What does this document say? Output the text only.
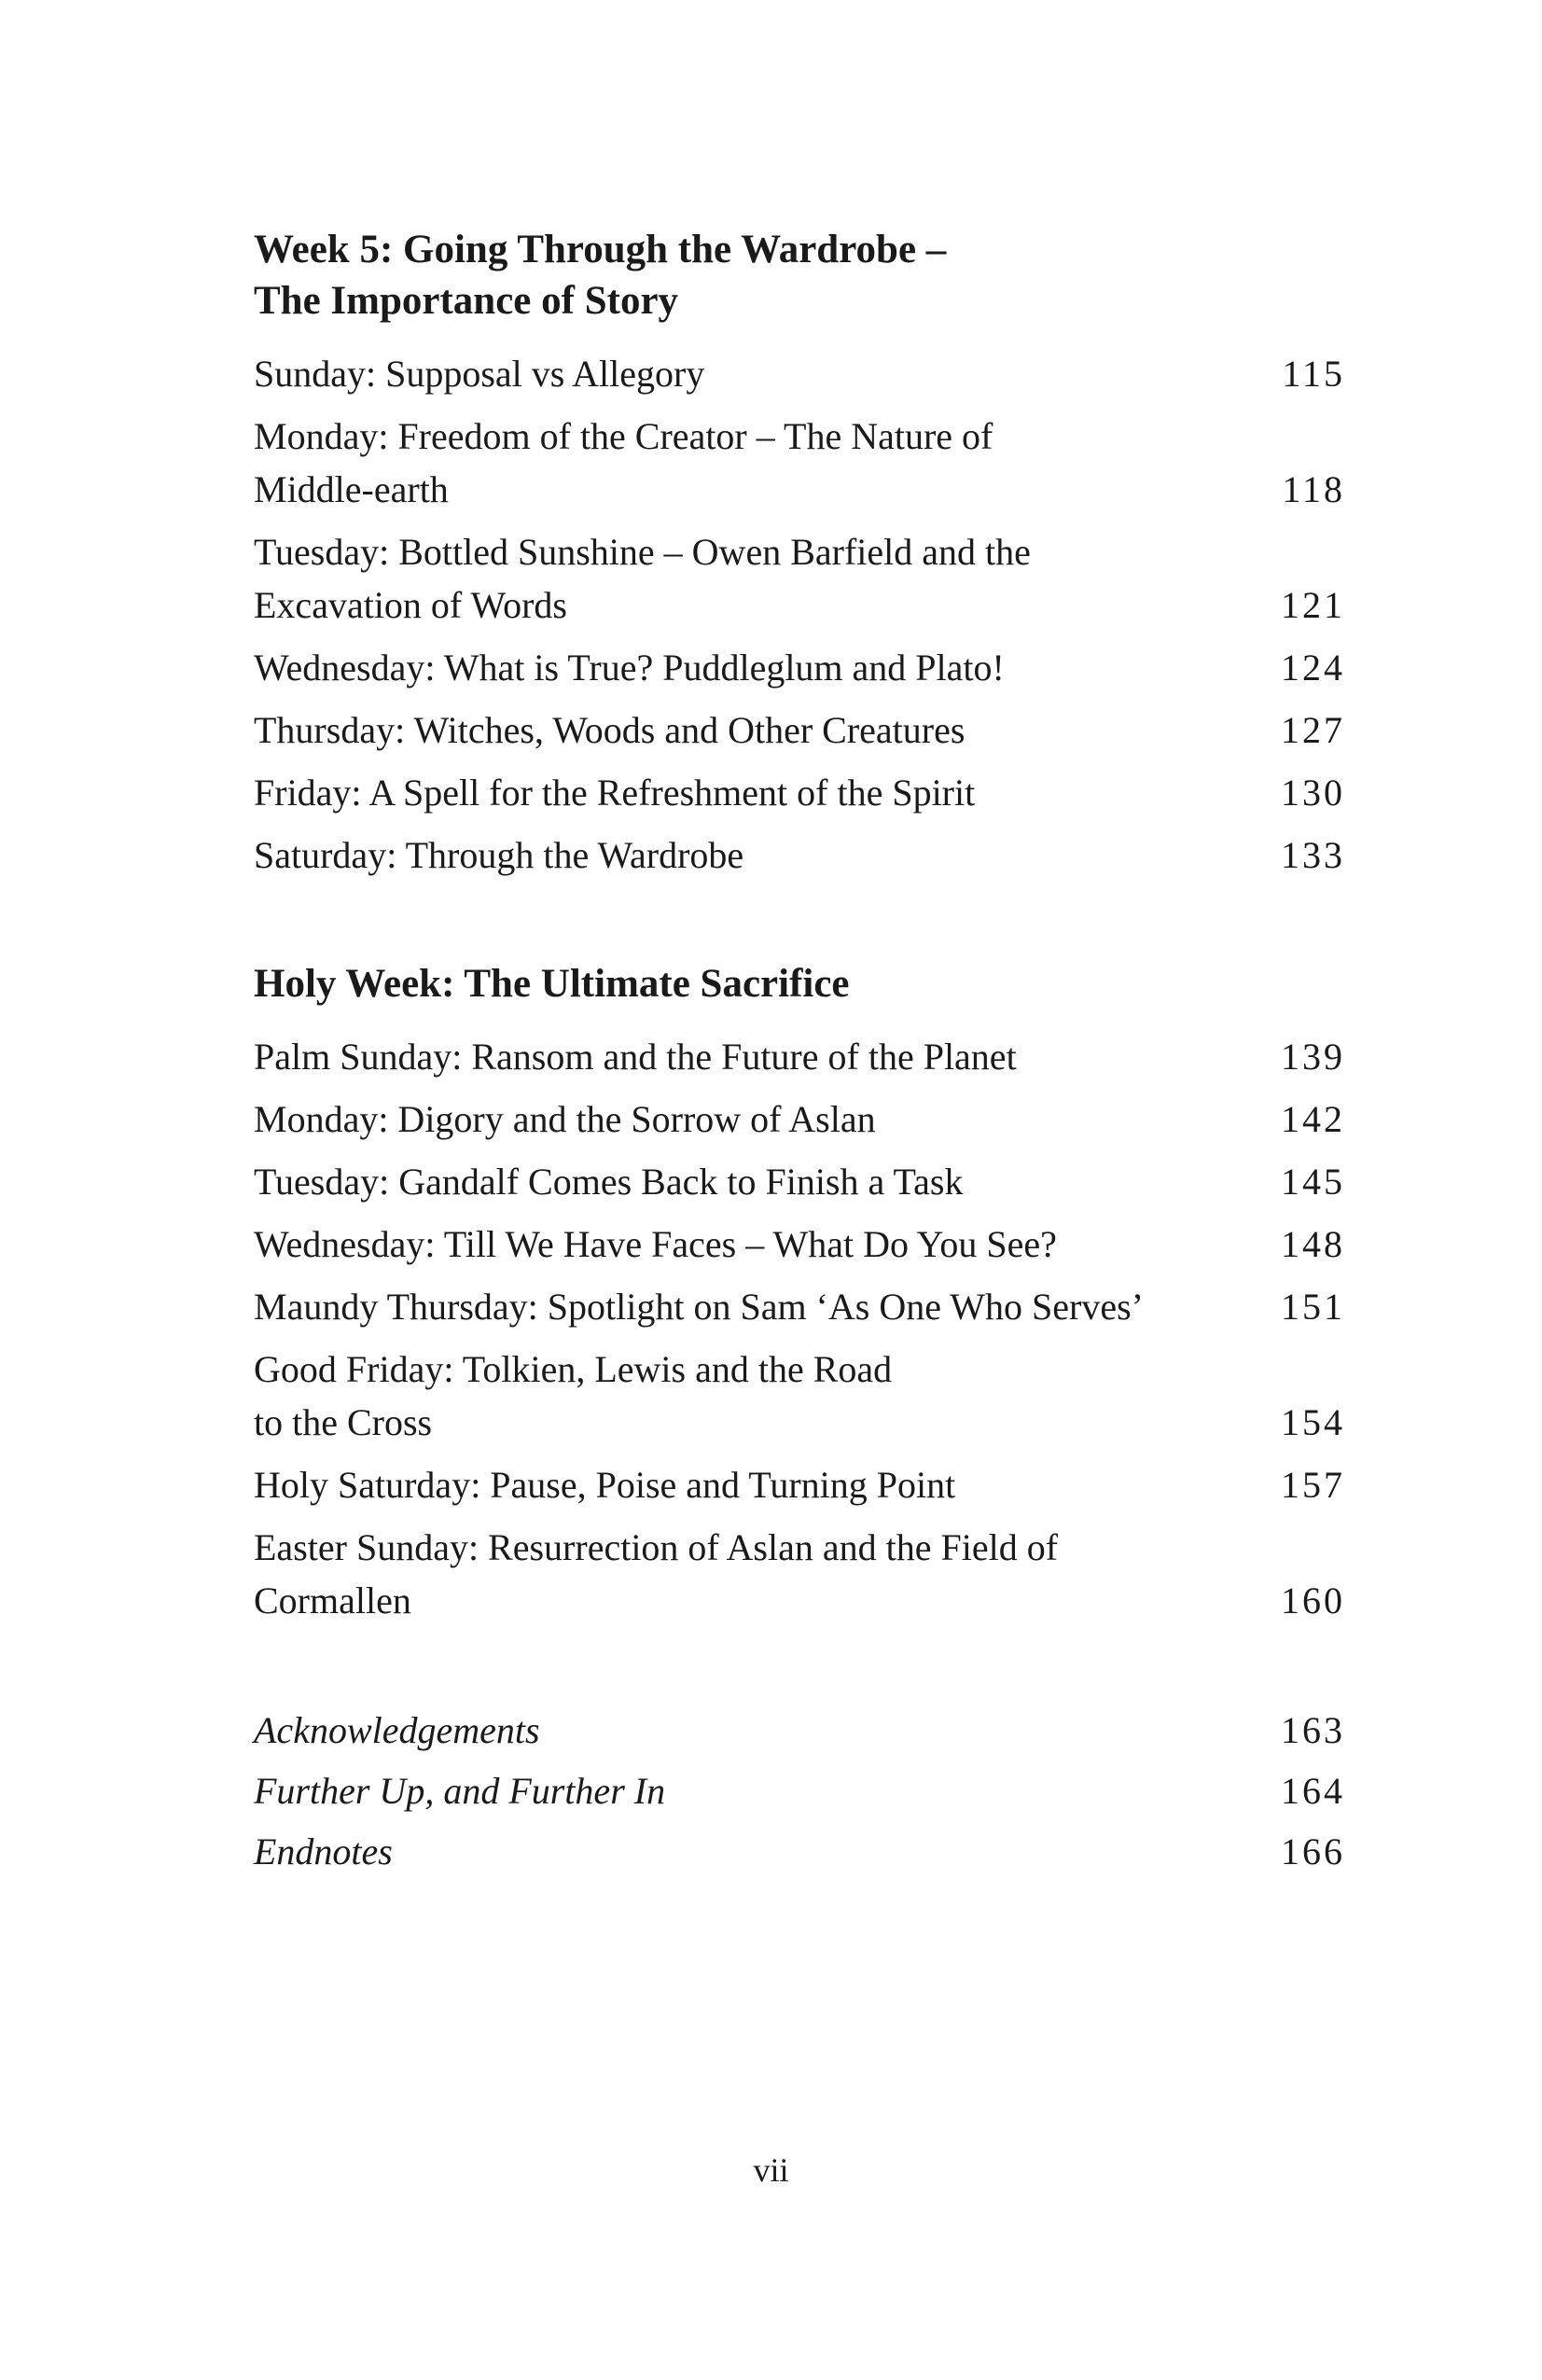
Week 5: Going Through the Wardrobe –
The Importance of Story
Sunday: Supposal vs Allegory	115
Monday: Freedom of the Creator – The Nature of
Middle-earth	118
Tuesday: Bottled Sunshine – Owen Barfield and the
Excavation of Words	121
Wednesday: What is True? Puddleglum and Plato!	124
Thursday: Witches, Woods and Other Creatures	127
Friday: A Spell for the Refreshment of the Spirit	130
Saturday: Through the Wardrobe	133
Holy Week: The Ultimate Sacrifice
Palm Sunday: Ransom and the Future of the Planet	139
Monday: Digory and the Sorrow of Aslan	142
Tuesday: Gandalf Comes Back to Finish a Task	145
Wednesday: Till We Have Faces – What Do You See?	148
Maundy Thursday: Spotlight on Sam ‘As One Who Serves’	151
Good Friday: Tolkien, Lewis and the Road
to the Cross	154
Holy Saturday: Pause, Poise and Turning Point	157
Easter Sunday: Resurrection of Aslan and the Field of
Cormallen	160
Acknowledgements	163
Further Up, and Further In	164
Endnotes	166
vii
